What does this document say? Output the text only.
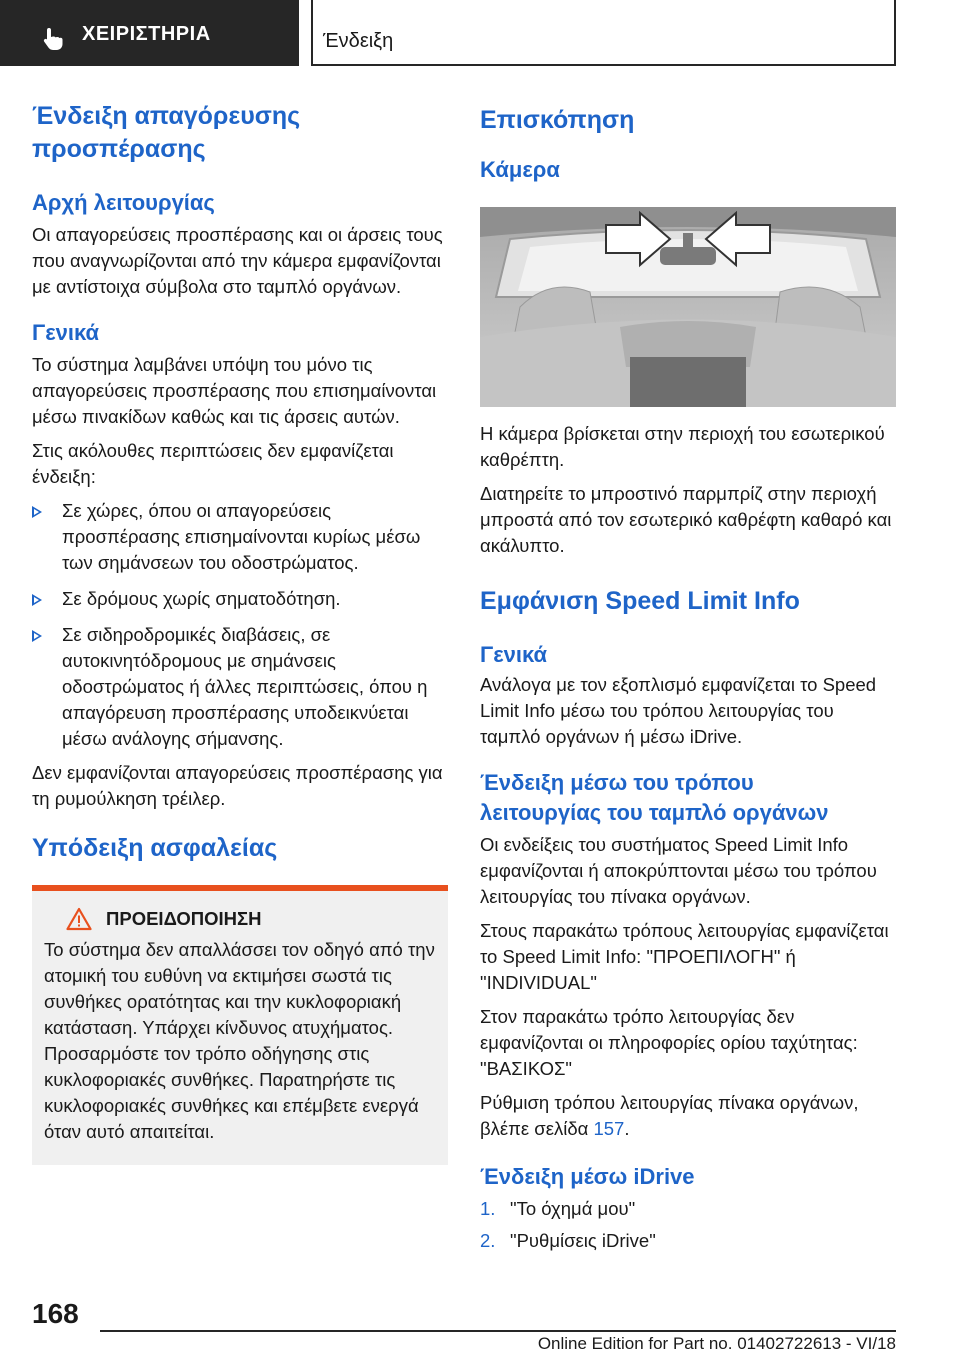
ΧΕΙΡΙΣΤΗΡΙΑ	Ένδειξη
Ένδειξη απαγόρευσης προσπέρασης
Αρχή λειτουργίας

Οι απαγορεύσεις προσπέρασης και οι άρσεις τους που αναγνωρίζονται από την κάμερα εμφανίζονται με αντίστοιχα σύμβολα στο ταμπλό οργάνων.

Γενικά

Το σύστημα λαμβάνει υπόψη του μόνο τις απαγορεύσεις προσπέρασης που επισημαίνονται μέσω πινακίδων καθώς και τις άρσεις αυτών.

Στις ακόλουθες περιπτώσεις δεν εμφανίζεται ένδειξη:

Σε χώρες, όπου οι απαγορεύσεις προσπέρασης επισημαίνονται κυρίως μέσω των σημάνσεων του οδοστρώματος.
Σε δρόμους χωρίς σηματοδότηση.
Σε σιδηροδρομικές διαβάσεις, σε αυτοκινητόδρομους με σημάνσεις οδοστρώματος ή άλλες περιπτώσεις, όπου η απαγόρευση προσπέρασης υποδεικνύεται μέσω ανάλογης σήμανσης.

Δεν εμφανίζονται απαγορεύσεις προσπέρασης για τη ρυμούλκηση τρέιλερ.

Υπόδειξη ασφαλείας
ΠΡΟΕΙΔΟΠΟΙΗΣΗ

Το σύστημα δεν απαλλάσσει τον οδηγό από την ατομική του ευθύνη να εκτιμήσει σωστά τις συνθήκες ορατότητας και την κυκλοφοριακή κατάσταση. Υπάρχει κίνδυνος ατυχήματος. Προσαρμόστε τον τρόπο οδήγησης στις κυκλοφοριακές συνθήκες. Παρατηρήστε τις κυκλοφοριακές συνθήκες και επέμβετε ενεργά όταν αυτό απαιτείται.

Επισκόπηση
Κάμερα

Η κάμερα βρίσκεται στην περιοχή του εσωτερικού καθρέπτη.

Διατηρείτε το μπροστινό παρμπρίζ στην περιοχή μπροστά από τον εσωτερικό καθρέφτη καθαρό και ακάλυπτο.

Εμφάνιση Speed Limit Info
Γενικά

Ανάλογα με τον εξοπλισμό εμφανίζεται το Speed Limit Info μέσω του τρόπου λειτουργίας του ταμπλό οργάνων ή μέσω iDrive.

Ένδειξη μέσω του τρόπου λειτουργίας του ταμπλό οργάνων

Οι ενδείξεις του συστήματος Speed Limit Info εμφανίζονται ή αποκρύπτονται μέσω του τρόπου λειτουργίας του πίνακα οργάνων.

Στους παρακάτω τρόπους λειτουργίας εμφανίζεται το Speed Limit Info: "ΠΡΟΕΠΙΛΟΓΗ" ή "INDIVIDUAL"

Στον παρακάτω τρόπο λειτουργίας δεν εμφανίζονται οι πληροφορίες ορίου ταχύτητας: "ΒΑΣΙΚΟΣ"

Ρύθμιση τρόπου λειτουργίας πίνακα οργάνων, βλέπε σελίδα 157.

Ένδειξη μέσω iDrive
1. "Το όχημά μου"
2. "Ρυθμίσεις iDrive"
168
Online Edition for Part no. 01402722613 - VI/18
